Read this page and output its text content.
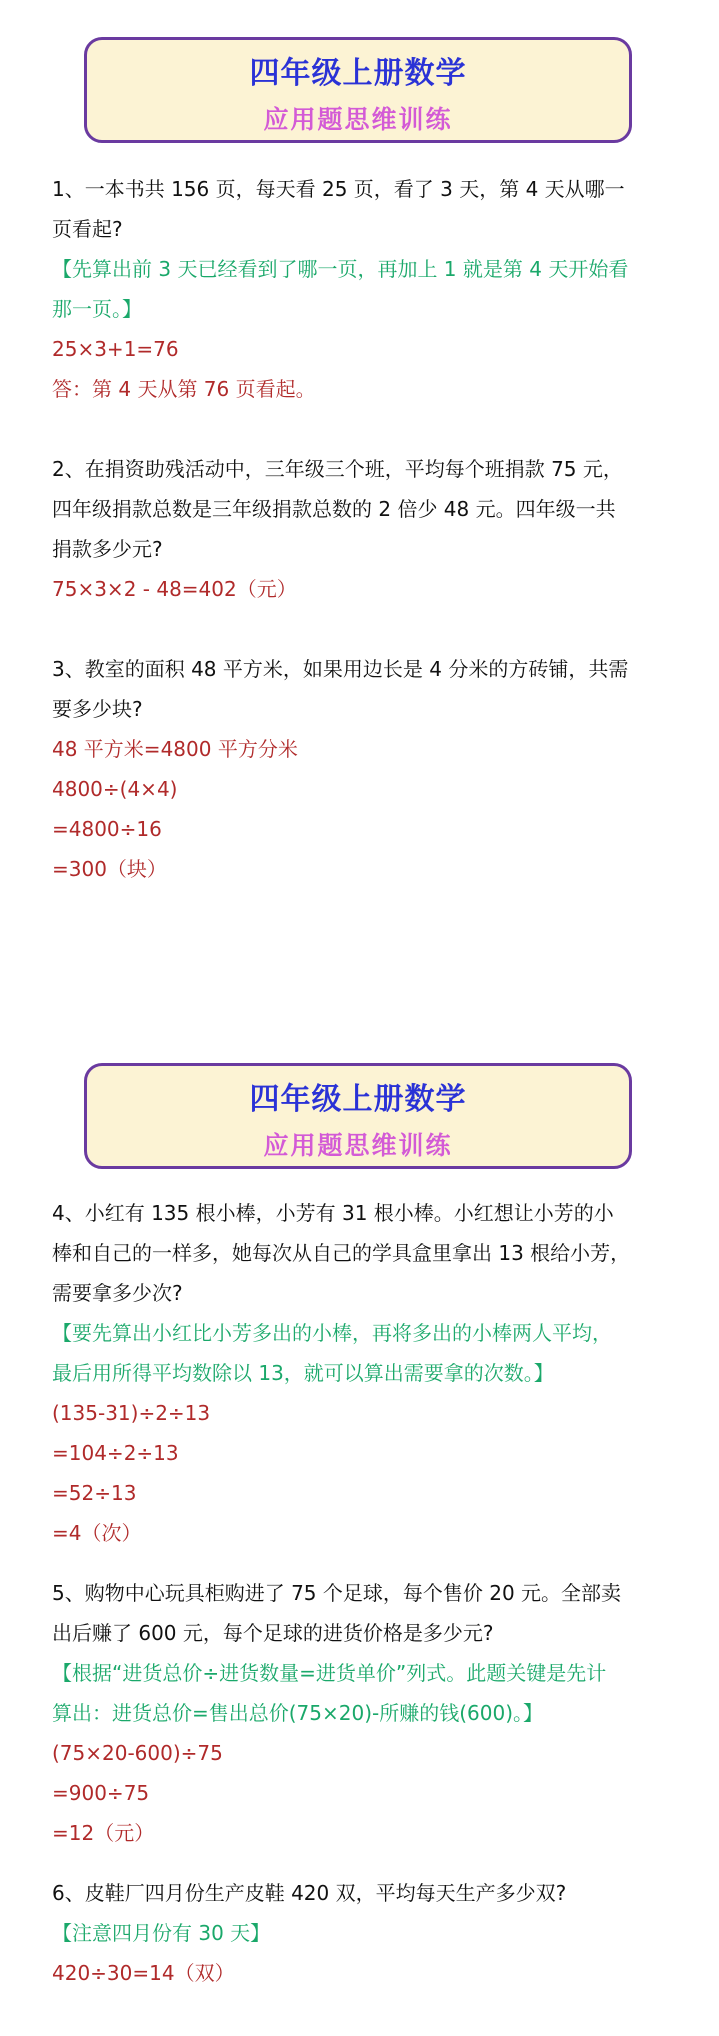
四年级上册数学
应用题思维训练
1、一本书共 156 页，每天看 25 页，看了 3 天，第 4 天从哪一
页看起?
【先算出前 3 天已经看到了哪一页，再加上 1 就是第 4 天开始看
那一页。】
25×3+1=76
答：第 4 天从第 76 页看起。
2、在捐资助残活动中，三年级三个班，平均每个班捐款 75 元，
四年级捐款总数是三年级捐款总数的 2 倍少 48 元。四年级一共
捐款多少元?
75×3×2 - 48=402（元）
3、教室的面积 48 平方米，如果用边长是 4 分米的方砖铺，共需
要多少块?
48 平方米=4800 平方分米
4800÷(4×4)
=4800÷16
=300（块）
四年级上册数学
应用题思维训练
4、小红有 135 根小棒，小芳有 31 根小棒。小红想让小芳的小
棒和自己的一样多，她每次从自己的学具盒里拿出 13 根给小芳，
需要拿多少次?
【要先算出小红比小芳多出的小棒，再将多出的小棒两人平均，
最后用所得平均数除以 13，就可以算出需要拿的次数。】
(135-31)÷2÷13
=104÷2÷13
=52÷13
=4（次）
5、购物中心玩具柜购进了 75 个足球，每个售价 20 元。全部卖
出后赚了 600 元，每个足球的进货价格是多少元?
【根据“进货总价÷进货数量=进货单价”列式。此题关键是先计
算出：进货总价=售出总价(75×20)-所赚的钱(600)。】
(75×20-600)÷75
=900÷75
=12（元）
6、皮鞋厂四月份生产皮鞋 420 双，平均每天生产多少双?
【注意四月份有 30 天】
420÷30=14（双）
